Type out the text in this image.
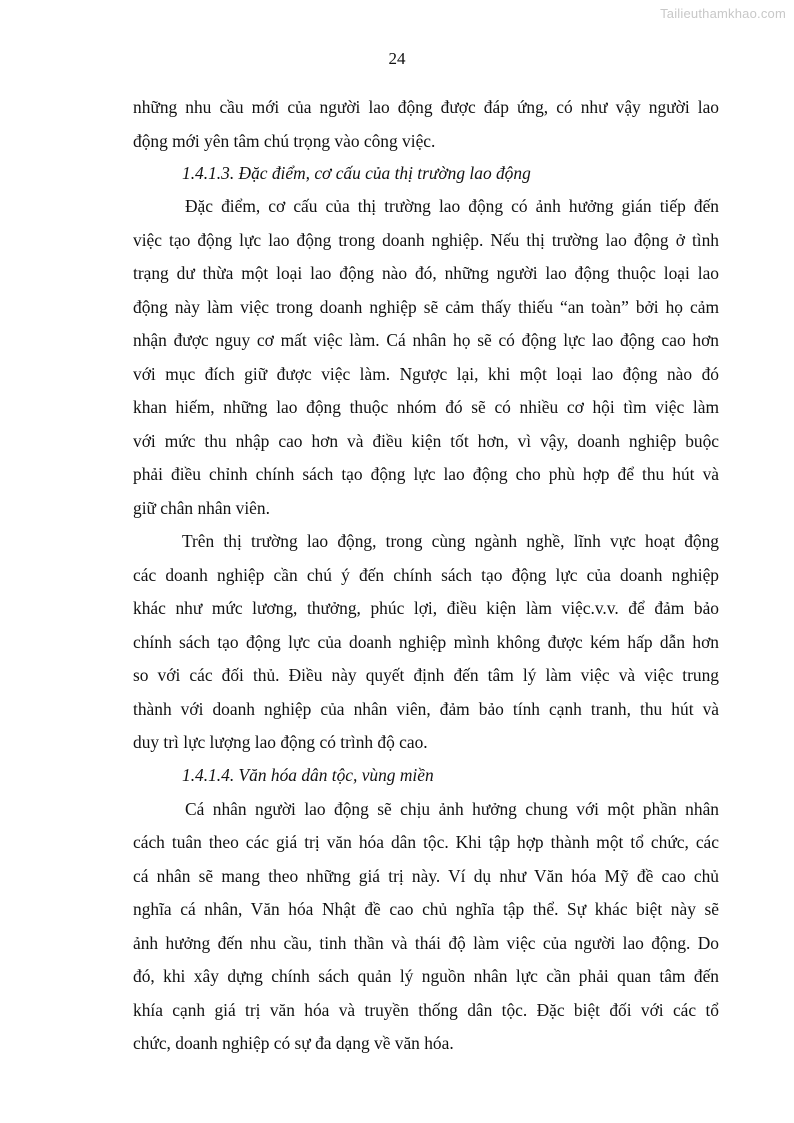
Tailieuthamkhao.com
24
những nhu cầu mới của người lao động được đáp ứng, có như vậy người lao
động mới yên tâm chú trọng vào công việc.
1.4.1.3. Đặc điểm, cơ cấu của thị trường lao động
Đặc điểm, cơ cấu của thị trường lao động có ảnh hưởng gián tiếp đến
việc tạo động lực lao động trong doanh nghiệp. Nếu thị trường lao động ở tình
trạng dư thừa một loại lao động nào đó, những người lao động thuộc loại lao
động này làm việc trong doanh nghiệp sẽ cảm thấy thiếu “an toàn” bởi họ cảm
nhận được nguy cơ mất việc làm. Cá nhân họ sẽ có động lực lao động cao hơn
với mục đích giữ được việc làm. Ngược lại, khi một loại lao động nào đó
khan hiếm, những lao động thuộc nhóm đó sẽ có nhiều cơ hội tìm việc làm
với mức thu nhập cao hơn và điều kiện tốt hơn, vì vậy, doanh nghiệp buộc
phải điều chỉnh chính sách tạo động lực lao động cho phù hợp để thu hút và
giữ chân nhân viên.
Trên thị trường lao động, trong cùng ngành nghề, lĩnh vực hoạt động
các doanh nghiệp cần chú ý đến chính sách tạo động lực của doanh nghiệp
khác như mức lương, thưởng, phúc lợi, điều kiện làm việc.v.v. để đảm bảo
chính sách tạo động lực của doanh nghiệp mình không được kém hấp dẫn hơn
so với các đối thủ. Điều này quyết định đến tâm lý làm việc và việc trung
thành với doanh nghiệp của nhân viên, đảm bảo tính cạnh tranh, thu hút và
duy trì lực lượng lao động có trình độ cao.
1.4.1.4. Văn hóa dân tộc, vùng miền
Cá nhân người lao động sẽ chịu ảnh hưởng chung với một phần nhân
cách tuân theo các giá trị văn hóa dân tộc. Khi tập hợp thành một tổ chức, các
cá nhân sẽ mang theo những giá trị này. Ví dụ như Văn hóa Mỹ đề cao chủ
nghĩa cá nhân, Văn hóa Nhật đề cao chủ nghĩa tập thể. Sự khác biệt này sẽ
ảnh hưởng đến nhu cầu, tinh thần và thái độ làm việc của người lao động. Do
đó, khi xây dựng chính sách quản lý nguồn nhân lực cần phải quan tâm đến
khía cạnh giá trị văn hóa và truyền thống dân tộc. Đặc biệt đối với các tổ
chức, doanh nghiệp có sự đa dạng về văn hóa.
